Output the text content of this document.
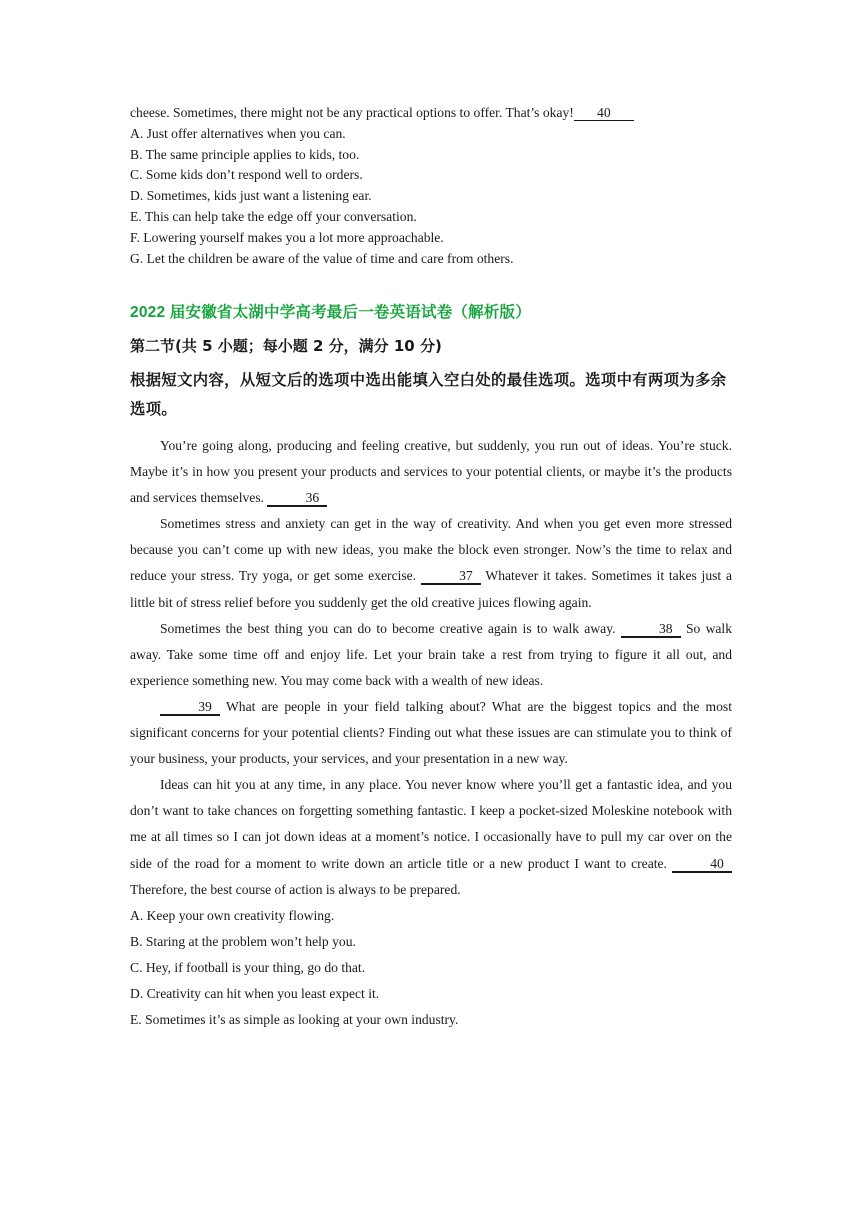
cheese. Sometimes, there might not be any practical options to offer. That’s okay! 40
A. Just offer alternatives when you can.
B. The same principle applies to kids, too.
C. Some kids don’t respond well to orders.
D. Sometimes, kids just want a listening ear.
E. This can help take the edge off your conversation.
F. Lowering yourself makes you a lot more approachable.
G. Let the children be aware of the value of time and care from others.
2022 届安徽省太湖中学高考最后一卷英语试卷（解析版）
第二节(共 5 小题；每小题 2 分，满分 10 分)
根据短文内容，从短文后的选项中选出能填入空白处的最佳选项。选项中有两项为多余选项。

You’re going along, producing and feeling creative, but suddenly, you run out of ideas. You’re stuck. Maybe it’s in how you present your products and services to your potential clients, or maybe it’s the products and services themselves.	36

Sometimes stress and anxiety can get in the way of creativity. And when you get even more stressed because you can’t come up with new ideas, you make the block even stronger. Now’s the time to relax and reduce your stress. Try yoga, or get some exercise.	37 Whatever it takes. Sometimes it takes just a little bit of stress relief before you suddenly get the old creative juices flowing again.

Sometimes the best thing you can do to become creative again is to walk away.	38 So walk away. Take some time off and enjoy life. Let your brain take a rest from trying to figure it all out, and experience something new. You may come back with a wealth of new ideas.

39 What are people in your field talking about? What are the biggest topics and the most significant concerns for your potential clients? Finding out what these issues are can stimulate you to think of your business, your products, your services, and your presentation in a new way.

Ideas can hit you at any time, in any place. You never know where you’ll get a fantastic idea, and you don’t want to take chances on forgetting something fantastic. I keep a pocket-sized Moleskine notebook with me at all times so I can jot down ideas at a moment’s notice. I occasionally have to pull my car over on the side of the road for a moment to write down an article title or a new product I want to create.	40 Therefore, the best course of action is always to be prepared.

A. Keep your own creativity flowing.

B. Staring at the problem won’t help you.

C. Hey, if football is your thing, go do that.

D. Creativity can hit when you least expect it.

E. Sometimes it’s as simple as looking at your own industry.
